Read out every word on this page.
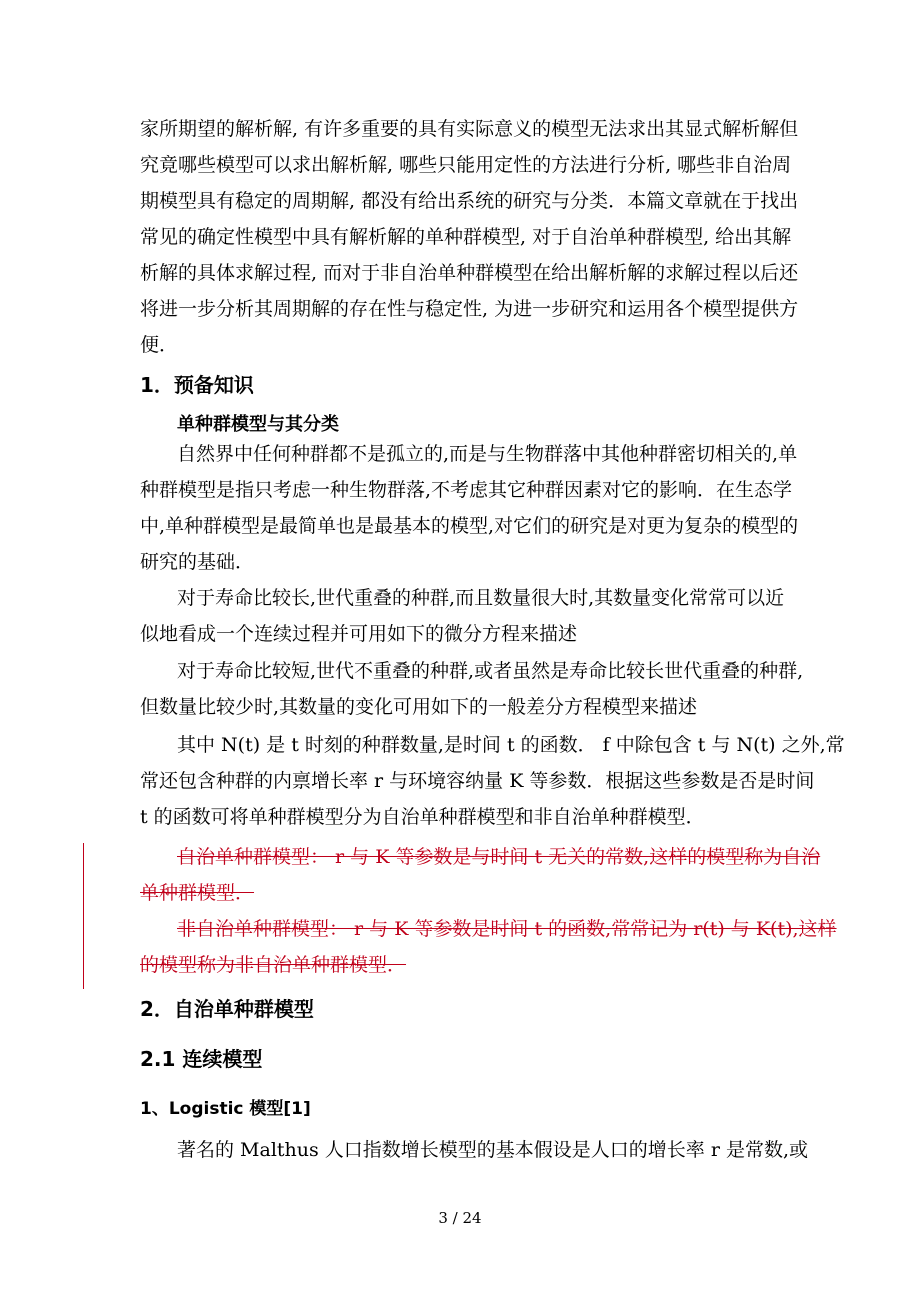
家所期望的解析解, 有许多重要的具有实际意义的模型无法求出其显式解析解但
究竟哪些模型可以求出解析解, 哪些只能用定性的方法进行分析, 哪些非自治周
期模型具有稳定的周期解, 都没有给出系统的研究与分类．本篇文章就在于找出
常见的确定性模型中具有解析解的单种群模型, 对于自治单种群模型, 给出其解
析解的具体求解过程, 而对于非自治单种群模型在给出解析解的求解过程以后还
将进一步分析其周期解的存在性与稳定性, 为进一步研究和运用各个模型提供方
便．
1．预备知识
单种群模型与其分类
自然界中任何种群都不是孤立的,而是与生物群落中其他种群密切相关的,单
种群模型是指只考虑一种生物群落,不考虑其它种群因素对它的影响．在生态学
中,单种群模型是最简单也是最基本的模型,对它们的研究是对更为复杂的模型的
研究的基础．
对于寿命比较长,世代重叠的种群,而且数量很大时,其数量变化常常可以近
似地看成一个连续过程并可用如下的微分方程来描述
对于寿命比较短,世代不重叠的种群,或者虽然是寿命比较长世代重叠的种群,
但数量比较少时,其数量的变化可用如下的一般差分方程模型来描述
其中 N(t) 是 t 时刻的种群数量,是时间 t 的函数． f 中除包含 t 与 N(t) 之外,常
常还包含种群的内禀增长率 r 与环境容纳量 K 等参数．根据这些参数是否是时间
t 的函数可将单种群模型分为自治单种群模型和非自治单种群模型．
自治单种群模型： r 与 K 等参数是与时间 t 无关的常数,这样的模型称为自治
单种群模型．
非自治单种群模型： r 与 K 等参数是时间 t 的函数,常常记为 r(t) 与 K(t),这样
的模型称为非自治单种群模型．
2．自治单种群模型
2.1 连续模型
1、Logistic 模型[1]
著名的 Malthus 人口指数增长模型的基本假设是人口的增长率 r 是常数,或
3 / 24
